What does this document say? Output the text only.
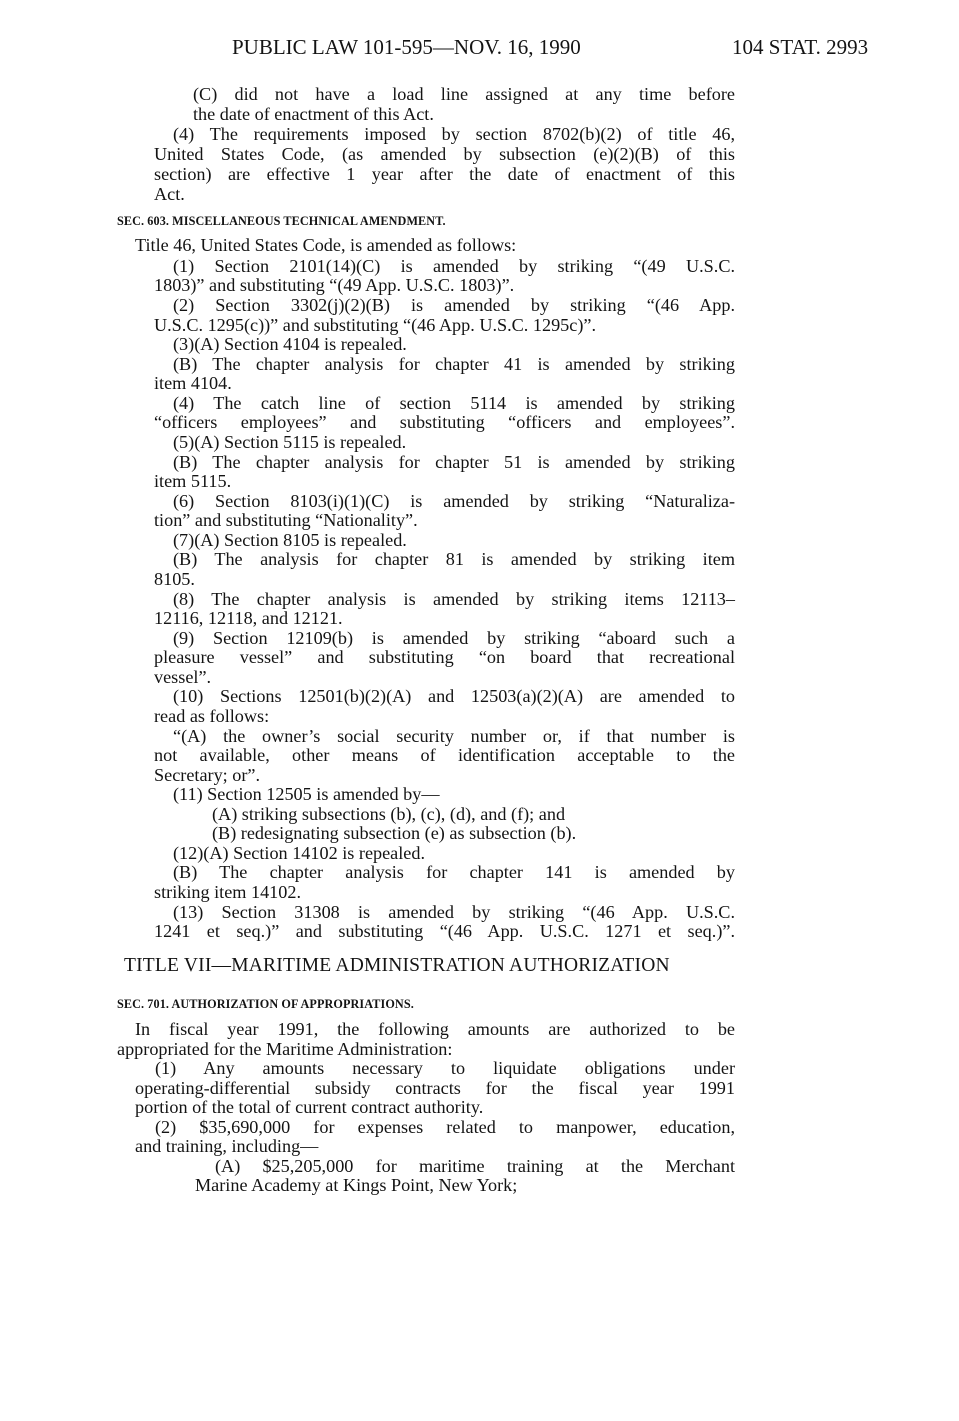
PUBLIC LAW 101-595—NOV. 16, 1990	104 STAT. 2993
(C) did not have a load line assigned at any time before
the date of enactment of this Act.
(4) The requirements imposed by section 8702(b)(2) of title 46,
United States Code, (as amended by subsection (e)(2)(B) of this
section) are effective 1 year after the date of enactment of this
Act.
SEC. 603. MISCELLANEOUS TECHNICAL AMENDMENT.
Title 46, United States Code, is amended as follows:
(1) Section 2101(14)(C) is amended by striking “(49 U.S.C.
1803)” and substituting “(49 App. U.S.C. 1803)”.
(2) Section 3302(j)(2)(B) is amended by striking “(46 App.
U.S.C. 1295(c))” and substituting “(46 App. U.S.C. 1295c)”.
(3)(A) Section 4104 is repealed.
(B) The chapter analysis for chapter 41 is amended by striking
item 4104.
(4) The catch line of section 5114 is amended by striking
“officers employees” and substituting “officers and employees”.
(5)(A) Section 5115 is repealed.
(B) The chapter analysis for chapter 51 is amended by striking
item 5115.
(6) Section 8103(i)(1)(C) is amended by striking “Naturaliza-
tion” and substituting “Nationality”.
(7)(A) Section 8105 is repealed.
(B) The analysis for chapter 81 is amended by striking item
8105.
(8) The chapter analysis is amended by striking items 12113–
12116, 12118, and 12121.
(9) Section 12109(b) is amended by striking “aboard such a
pleasure vessel” and substituting “on board that recreational
vessel”.
(10) Sections 12501(b)(2)(A) and 12503(a)(2)(A) are amended to
read as follows:
“(A) the owner’s social security number or, if that number is
not available, other means of identification acceptable to the
Secretary; or”.
(11) Section 12505 is amended by—
(A) striking subsections (b), (c), (d), and (f); and
(B) redesignating subsection (e) as subsection (b).
(12)(A) Section 14102 is repealed.
(B) The chapter analysis for chapter 141 is amended by
striking item 14102.
(13) Section 31308 is amended by striking “(46 App. U.S.C.
1241 et seq.)” and substituting “(46 App. U.S.C. 1271 et seq.)”.
TITLE VII—MARITIME ADMINISTRATION AUTHORIZATION
SEC. 701. AUTHORIZATION OF APPROPRIATIONS.
In fiscal year 1991, the following amounts are authorized to be
appropriated for the Maritime Administration:
(1) Any amounts necessary to liquidate obligations under
operating-differential subsidy contracts for the fiscal year 1991
portion of the total of current contract authority.
(2) $35,690,000 for expenses related to manpower, education,
and training, including—
(A) $25,205,000 for maritime training at the Merchant
Marine Academy at Kings Point, New York;
